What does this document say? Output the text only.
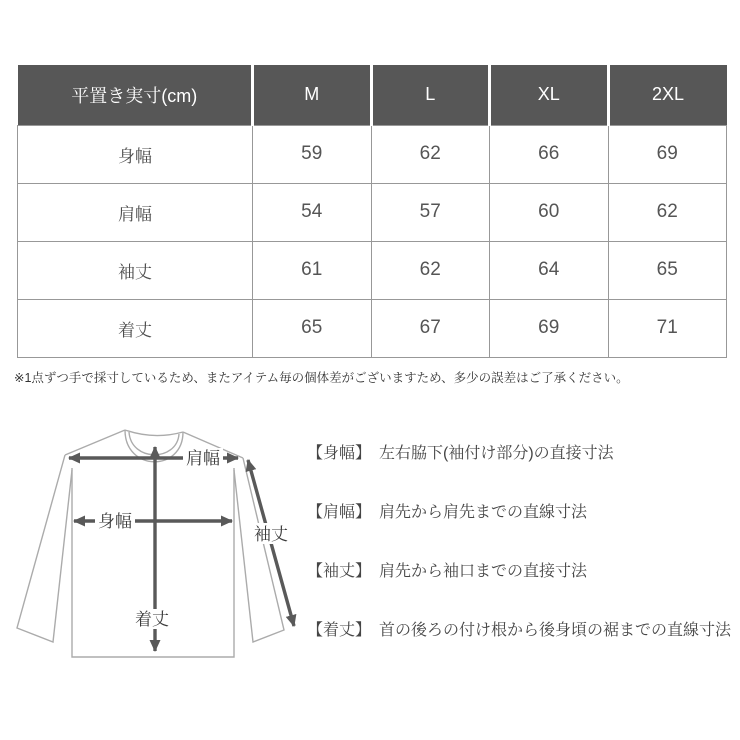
平置き実寸(cm)	M	L	XL	2XL
身幅	59	62	66	69
肩幅	54	57	60	62
袖丈	61	62	64	65
着丈	65	67	69	71
※1点ずつ手で採寸しているため、またアイテム毎の個体差がございますため、多少の誤差はご了承ください。
肩幅
身幅
袖丈
着丈
【身幅】 左右脇下(袖付け部分)の直接寸法
【肩幅】 肩先から肩先までの直線寸法
【袖丈】 肩先から袖口までの直接寸法
【着丈】 首の後ろの付け根から後身頃の裾までの直線寸法
